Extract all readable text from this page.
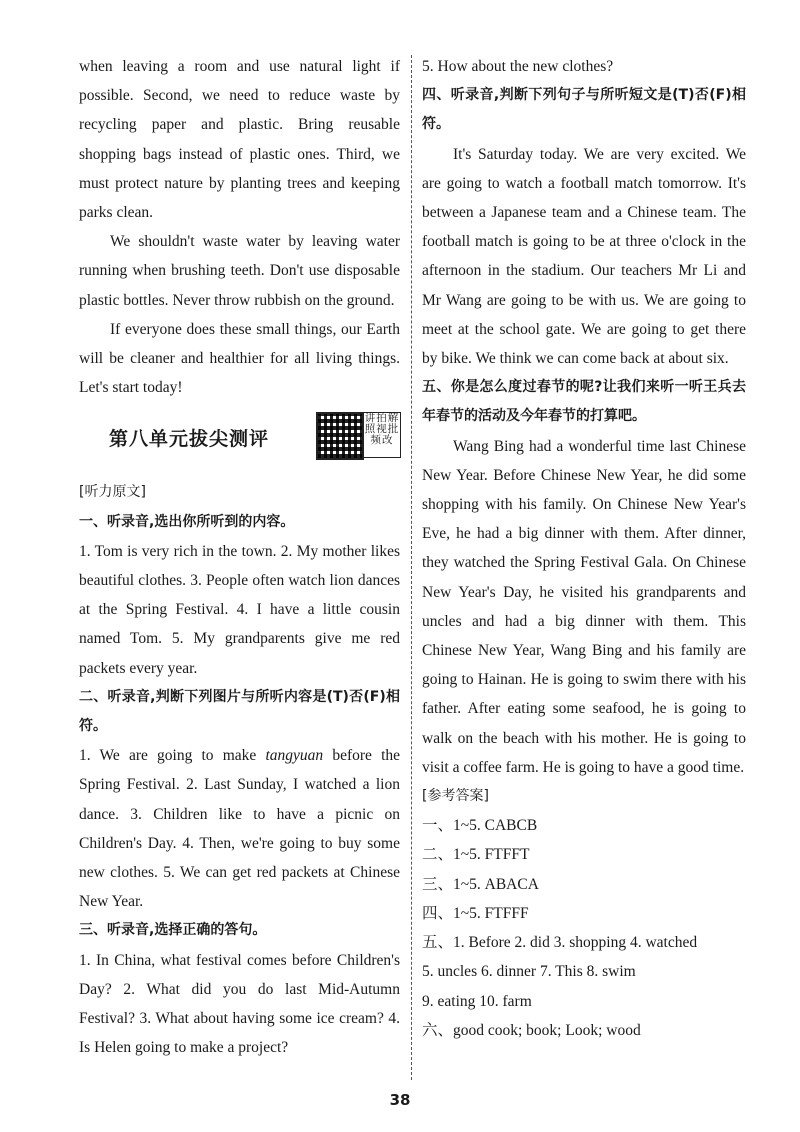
when leaving a room and use natural light if possible. Second, we need to reduce waste by recycling paper and plastic. Bring reusable shopping bags instead of plastic ones. Third, we must protect nature by planting trees and keeping parks clean.

We shouldn't waste water by leaving water running when brushing teeth. Don't use disposable plastic bottles. Never throw rubbish on the ground.

If everyone does these small things, our Earth will be cleaner and healthier for all living things. Let's start today!

第八单元拔尖测评
讲拍解照视批频改

[听力原文]

一、听录音,选出你所听到的内容。

1. Tom is very rich in the town. 2. My mother likes beautiful clothes. 3. People often watch lion dances at the Spring Festival. 4. I have a little cousin named Tom. 5. My grandparents give me red packets every year.

二、听录音,判断下列图片与所听内容是(T)否(F)相符。

1. We are going to make tangyuan before the Spring Festival. 2. Last Sunday, I watched a lion dance. 3. Children like to have a picnic on Children's Day. 4. Then, we're going to buy some new clothes. 5. We can get red packets at Chinese New Year.

三、听录音,选择正确的答句。

1. In China, what festival comes before Children's Day? 2. What did you do last Mid-Autumn Festival? 3. What about having some ice cream? 4. Is Helen going to make a project?

5. How about the new clothes?

四、听录音,判断下列句子与所听短文是(T)否(F)相符。

It's Saturday today. We are very excited. We are going to watch a football match tomorrow. It's between a Japanese team and a Chinese team. The football match is going to be at three o'clock in the afternoon in the stadium. Our teachers Mr Li and Mr Wang are going to be with us. We are going to meet at the school gate. We are going to get there by bike. We think we can come back at about six.

五、你是怎么度过春节的呢?让我们来听一听王兵去年春节的活动及今年春节的打算吧。

Wang Bing had a wonderful time last Chinese New Year. Before Chinese New Year, he did some shopping with his family. On Chinese New Year's Eve, he had a big dinner with them. After dinner, they watched the Spring Festival Gala. On Chinese New Year's Day, he visited his grandparents and uncles and had a big dinner with them. This Chinese New Year, Wang Bing and his family are going to Hainan. He is going to swim there with his father. After eating some seafood, he is going to walk on the beach with his mother. He is going to visit a coffee farm. He is going to have a good time.

[参考答案]

一、1~5. CABCB

二、1~5. FTFFT

三、1~5. ABACA

四、1~5. FTFFF

五、1. Before 2. did 3. shopping 4. watched

5. uncles 6. dinner 7. This 8. swim

9. eating 10. farm

六、good cook; book; Look; wood

38
